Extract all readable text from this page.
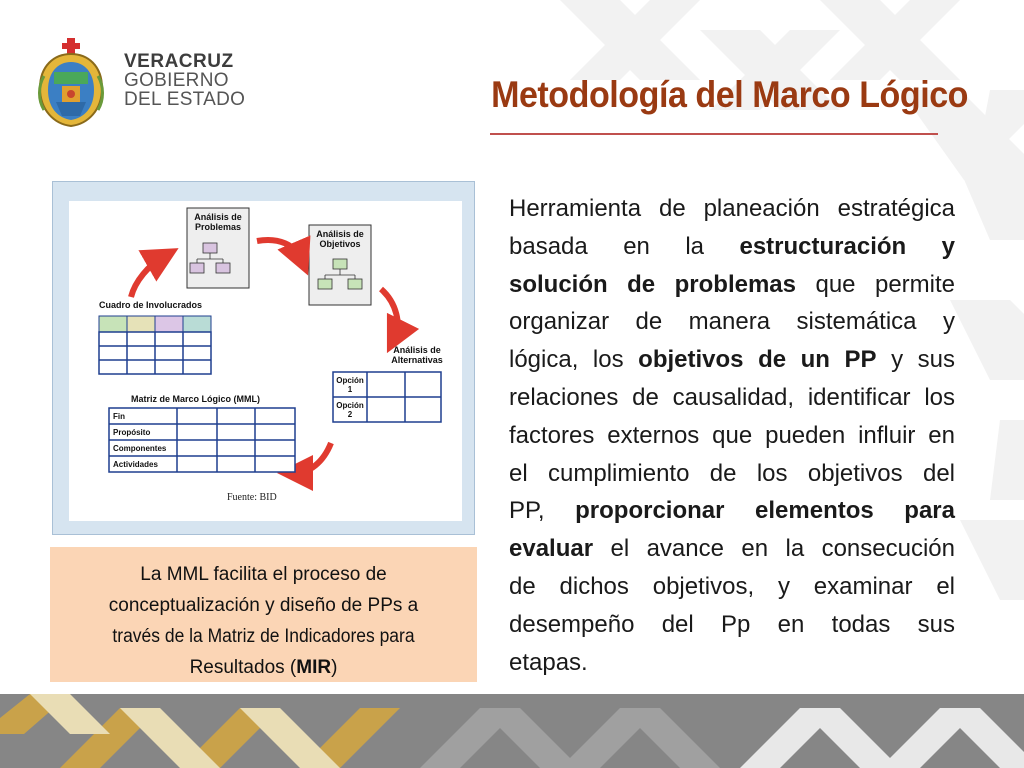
VERACRUZ
GOBIERNO
DEL ESTADO	Metodología del Marco Lógico
Análisis de
Problemas
Análisis de
Objetivos
Cuadro de Involucrados
Análisis de
Alternativas
Opción
1
Opción
2
Matriz de Marco Lógico (MML)
Fin
Propósito
Componentes
Actividades
Fuente: BID
La MML facilita el proceso de
conceptualización y diseño de PPs a
través de la Matriz de Indicadores para
Resultados (MIR)
Herramienta de planeación estratégica
basada en la estructuración y
solución de problemas que permite
organizar de manera sistemática y
lógica, los objetivos de un PP y sus
relaciones de causalidad, identificar los
factores externos que pueden influir en
el cumplimiento de los objetivos del
PP, proporcionar elementos para
evaluar el avance en la consecución
de dichos objetivos, y examinar el
desempeño del Pp en todas sus
etapas.
